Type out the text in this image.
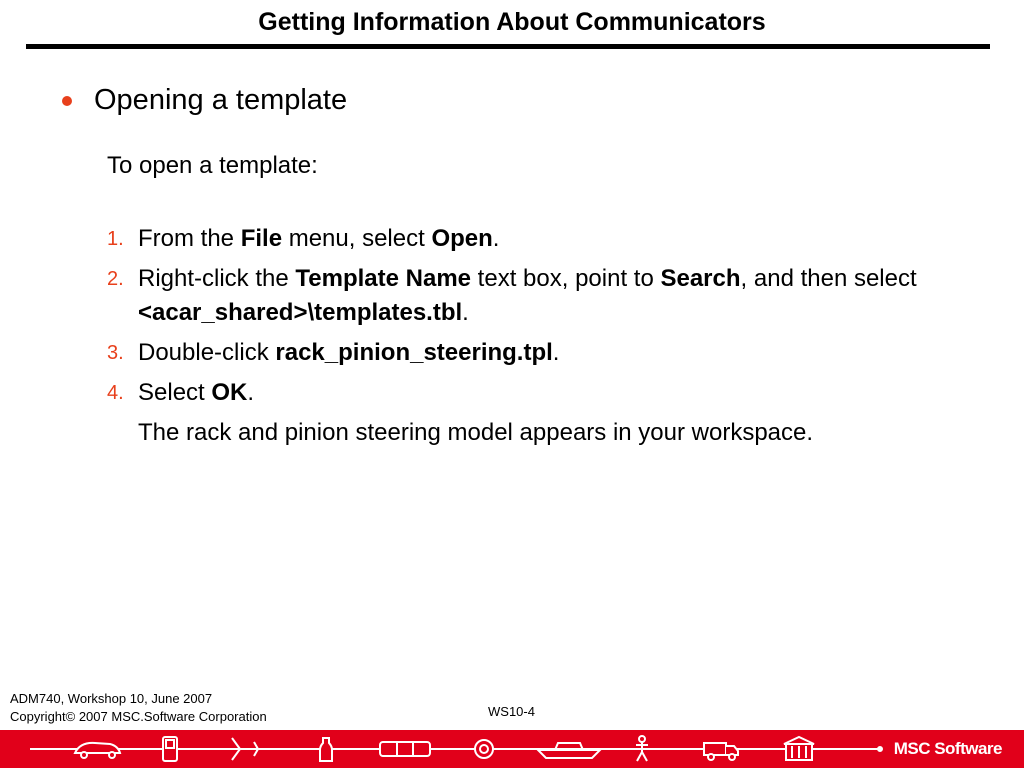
Getting Information About Communicators
Opening a template
To open a template:
1. From the File menu, select Open.
2. Right-click the Template Name text box, point to Search, and then select <acar_shared>\templates.tbl.
3. Double-click rack_pinion_steering.tpl.
4. Select OK.
The rack and pinion steering model appears in your workspace.
ADM740, Workshop 10, June 2007
Copyright© 2007 MSC.Software Corporation	WS10-4
MSC Software
